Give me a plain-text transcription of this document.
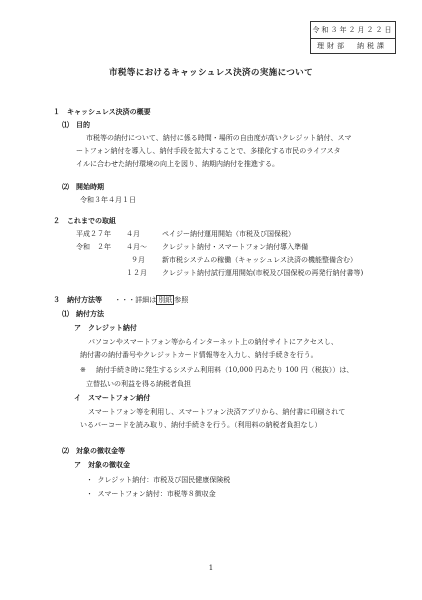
令和３年２月２２日
理財部 納税課
市税等におけるキャッシュレス決済の実施について
１　キャッシュレス決済の概要
⑴　目的
市税等の納付について、納付に係る時間・場所の自由度が高いクレジット納付、スマ
ートフォン納付を導入し、納付手段を拡大することで、多様化する市民のライフスタ
イルに合わせた納付環境の向上を図り、納期内納付を推進する。
⑵　開始時期
令和３年４月１日
２　これまでの取組
平成２７年 ４月	ペイジー納付運用開始（市税及び国保税）
令和　２年 ４月～ クレジット納付・スマートフォン納付導入準備
９月 新市税システムの稼働（キャッシュレス決済の機能整備含む）
１２月 クレジット納付試行運用開始(市税及び国保税の再発行納付書等)
３　納付方法等 ・・・詳細は 別紙 参照
⑴　納付方法
ア　クレジット納付
パソコンやスマートフォン等からインターネット上の納付サイトにアクセスし、
納付書の納付番号やクレジットカード情報等を入力し、納付手続きを行う。
※ 納付手続き時に発生するシステム利用料（10,000 円あたり 100 円（税抜））は、
立替払いの利益を得る納税者負担
イ　スマートフォン納付
スマートフォン等を利用し、スマートフォン決済アプリから、納付書に印刷されて
いるバーコードを読み取り、納付手続きを行う。（利用料の納税者負担なし）
⑵　対象の徴収金等
ア　対象の徴収金
・  クレジット納付：市税及び国民健康保険税
・  スマートフォン納付：市税等８徴収金
1
